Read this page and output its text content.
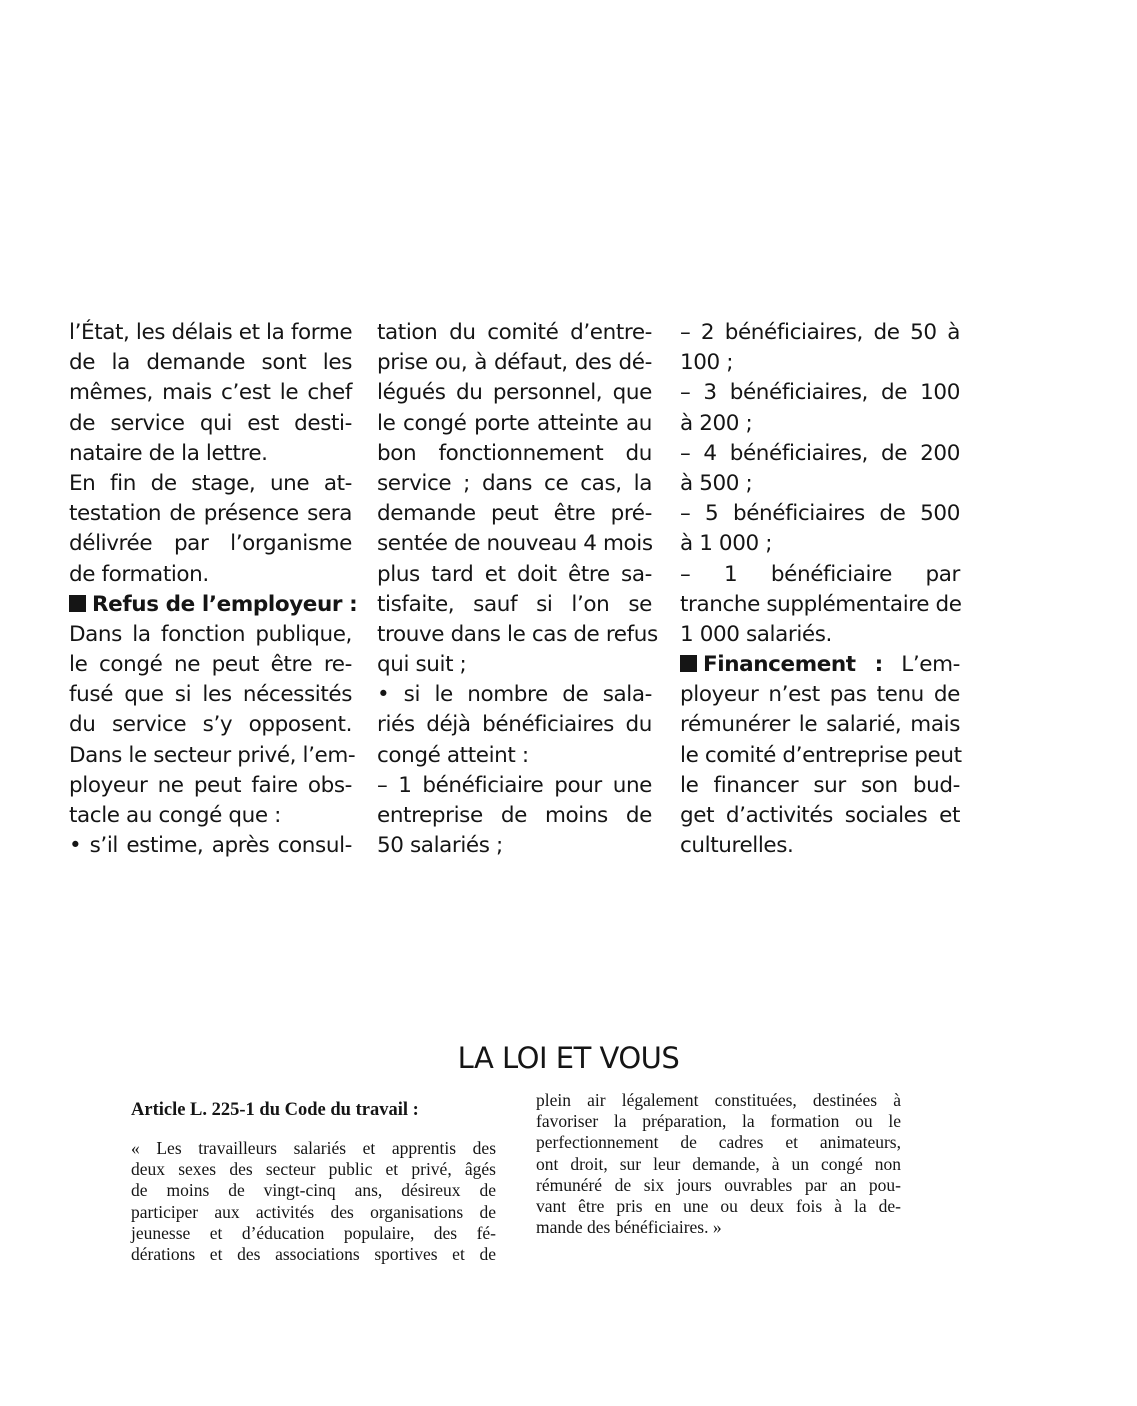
l’État, les délais et la forme
de la demande sont les
mêmes, mais c’est le chef
de service qui est desti-
nataire de la lettre.
En fin de stage, une at-
testation de présence sera
délivrée par l’organisme
de formation.
Refus de l’employeur :
Dans la fonction publique,
le congé ne peut être re-
fusé que si les nécessités
du service s’y opposent.
Dans le secteur privé, l’em-
ployeur ne peut faire obs-
tacle au congé que :
• s’il estime, après consul-
tation du comité d’entre-
prise ou, à défaut, des dé-
légués du personnel, que
le congé porte atteinte au
bon fonctionnement du
service ; dans ce cas, la
demande peut être pré-
sentée de nouveau 4 mois
plus tard et doit être sa-
tisfaite, sauf si l’on se
trouve dans le cas de refus
qui suit ;
• si le nombre de sala-
riés déjà bénéficiaires du
congé atteint :
– 1 bénéficiaire pour une
entreprise de moins de
50 salariés ;
– 2 bénéficiaires, de 50 à
100 ;
– 3 bénéficiaires, de 100
à 200 ;
– 4 bénéficiaires, de 200
à 500 ;
– 5 bénéficiaires de 500
à 1 000 ;
– 1 bénéficiaire par
tranche supplémentaire de
1 000 salariés.
Financement : L’em-
ployeur n’est pas tenu de
rémunérer le salarié, mais
le comité d’entreprise peut
le financer sur son bud-
get d’activités sociales et
culturelles.
LA LOI ET VOUS
Article L. 225-1 du Code du travail :
« Les travailleurs salariés et apprentis des
deux sexes des secteur public et privé, âgés
de moins de vingt-cinq ans, désireux de
participer aux activités des organisations de
jeunesse et d’éducation populaire, des fé-
dérations et des associations sportives et de
plein air légalement constituées, destinées à
favoriser la préparation, la formation ou le
perfectionnement de cadres et animateurs,
ont droit, sur leur demande, à un congé non
rémunéré de six jours ouvrables par an pou-
vant être pris en une ou deux fois à la de-
mande des bénéficiaires. »
